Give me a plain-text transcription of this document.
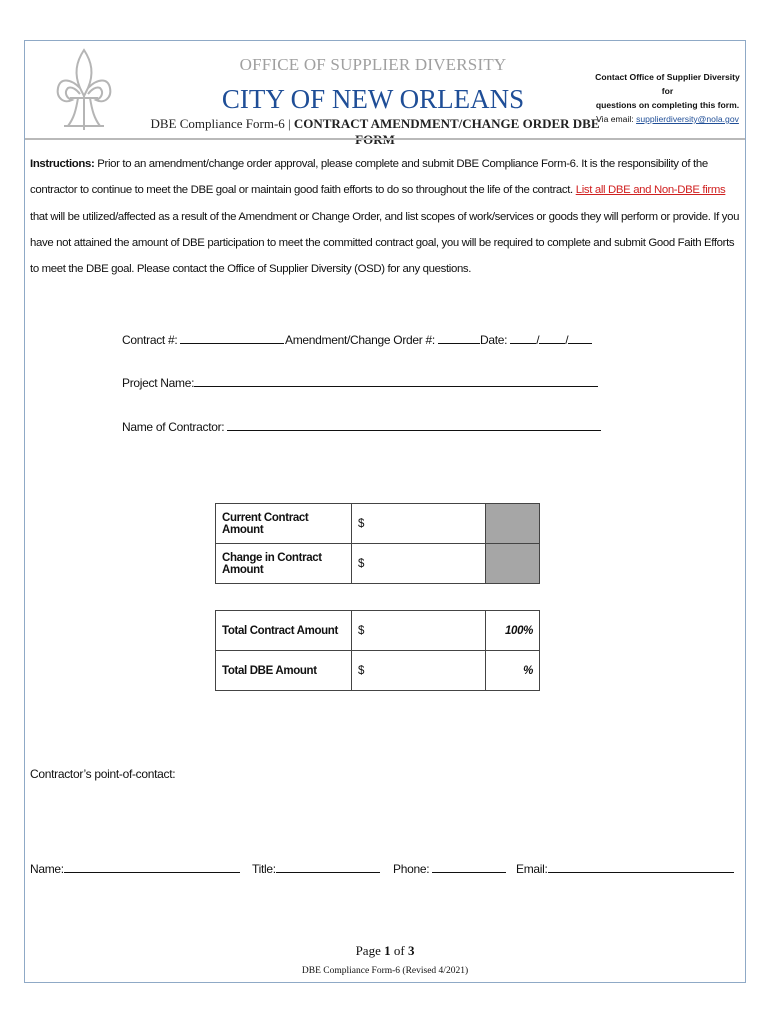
OFFICE OF SUPPLIER DIVERSITY
CITY OF NEW ORLEANS
DBE Compliance Form-6 | CONTRACT AMENDMENT/CHANGE ORDER DBE
Contact Office of Supplier Diversity for
questions on completing this form.
Via email: supplierdiversity@nola.gov
Instructions: Prior to an amendment/change order approval, please complete and submit DBE Compliance Form-6. It is the responsibility of the contractor to continue to meet the DBE goal or maintain good faith efforts to do so throughout the life of the contract. List all DBE and Non-DBE firms that will be utilized/affected as a result of the Amendment or Change Order, and list scopes of work/services or goods they will perform or provide. If you have not attained the amount of DBE participation to meet the committed contract goal, you will be required to complete and submit Good Faith Efforts to meet the DBE goal. Please contact the Office of Supplier Diversity (OSD) for any questions.
Contract #:	Amendment/Change Order #:	Date: / /
Project Name:
Name of Contractor:
Current Contract Amount	$	
Change in Contract Amount	$	
Total Contract Amount	$	100%
Total DBE Amount	$	%
Contractor’s point-of-contact:
Name:	Title:	Phone:	Email:
Page 1 of 3
DBE Compliance Form-6 (Revised 4/2021)
